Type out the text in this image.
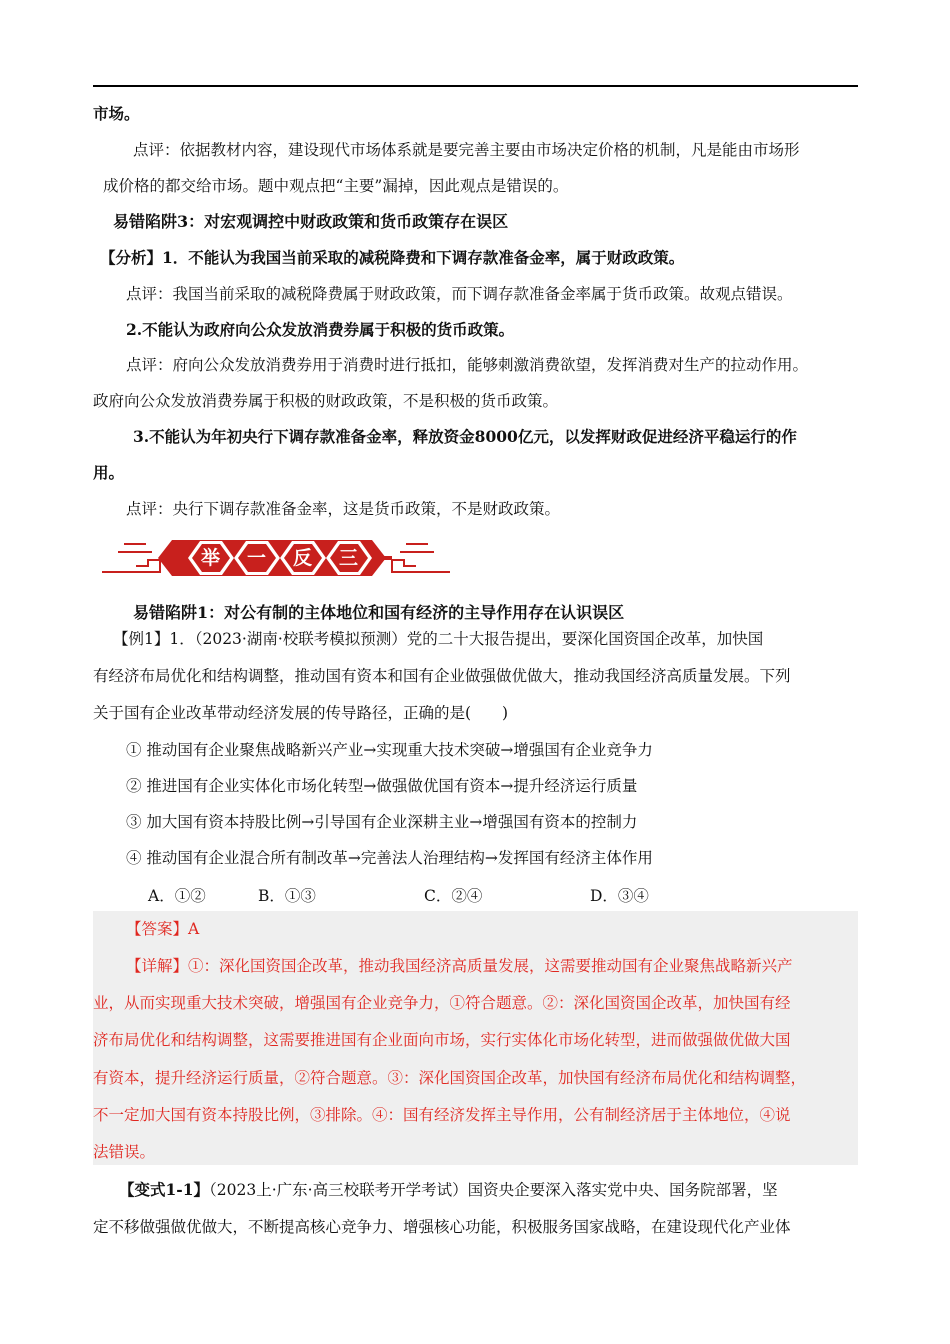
市场。
点评：依据教材内容，建设现代市场体系就是要完善主要由市场决定价格的机制，凡是能由市场形
成价格的都交给市场。题中观点把“主要”漏掉，因此观点是错误的。
易错陷阱3：对宏观调控中财政政策和货币政策存在误区
【分析】1．不能认为我国当前采取的减税降费和下调存款准备金率，属于财政政策。
点评：我国当前采取的减税降费属于财政政策，而下调存款准备金率属于货币政策。故观点错误。
2.不能认为政府向公众发放消费券属于积极的货币政策。
点评：府向公众发放消费券用于消费时进行抵扣，能够刺激消费欲望，发挥消费对生产的拉动作用。
政府向公众发放消费券属于积极的财政政策，不是积极的货币政策。
3.不能认为年初央行下调存款准备金率，释放资金8000亿元，以发挥财政促进经济平稳运行的作
用。
点评：央行下调存款准备金率，这是货币政策，不是财政政策。
举 一 反 三
易错陷阱1：对公有制的主体地位和国有经济的主导作用存在认识误区
【例1】1．（2023·湖南·校联考模拟预测）党的二十大报告提出，要深化国资国企改革，加快国
有经济布局优化和结构调整，推动国有资本和国有企业做强做优做大，推动我国经济高质量发展。下列
关于国有企业改革带动经济发展的传导路径，正确的是(　　)
① 推动国有企业聚焦战略新兴产业→实现重大技术突破→增强国有企业竞争力
② 推进国有企业实体化市场化转型→做强做优国有资本→提升经济运行质量
③ 加大国有资本持股比例→引导国有企业深耕主业→增强国有资本的控制力
④ 推动国有企业混合所有制改革→完善法人治理结构→发挥国有经济主体作用
A．①②	B．①③	C．②④	D．③④
【答案】A
【详解】①：深化国资国企改革，推动我国经济高质量发展，这需要推动国有企业聚焦战略新兴产
业，从而实现重大技术突破，增强国有企业竞争力，①符合题意。②：深化国资国企改革，加快国有经
济布局优化和结构调整，这需要推进国有企业面向市场，实行实体化市场化转型，进而做强做优做大国
有资本，提升经济运行质量，②符合题意。③：深化国资国企改革，加快国有经济布局优化和结构调整，
不一定加大国有资本持股比例，③排除。④：国有经济发挥主导作用，公有制经济居于主体地位，④说
法错误。
【变式1-1】（2023上·广东·高三校联考开学考试）国资央企要深入落实党中央、国务院部署，坚
定不移做强做优做大，不断提高核心竞争力、增强核心功能，积极服务国家战略，在建设现代化产业体
